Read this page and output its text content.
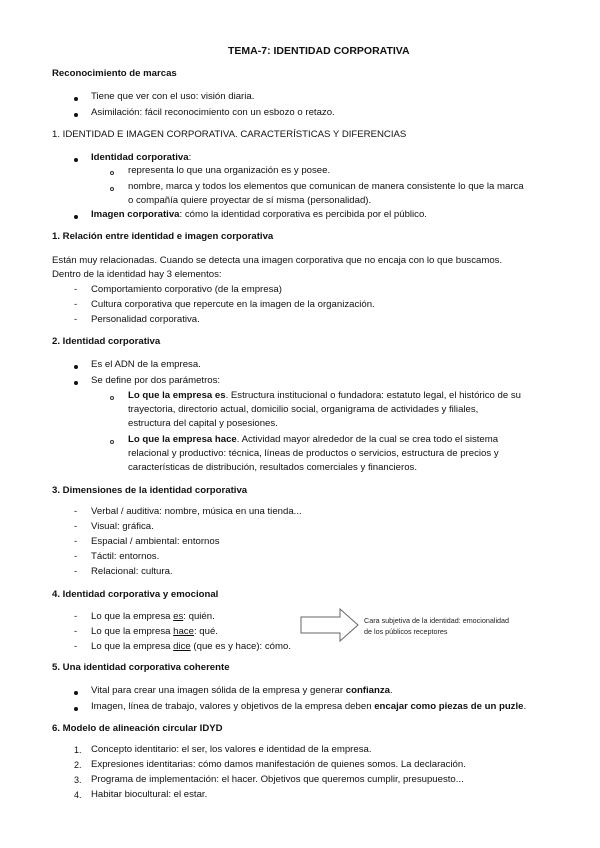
TEMA-7: IDENTIDAD CORPORATIVA
Reconocimiento de marcas
Tiene que ver con el uso: visión diaria.
Asimilación: fácil reconocimiento con un esbozo o retazo.
1. IDENTIDAD E IMAGEN CORPORATIVA. CARACTERÍSTICAS Y DIFERENCIAS
Identidad corporativa:
representa lo que una organización es y posee.
nombre, marca y todos los elementos que comunican de manera consistente lo que la marca
o compañía quiere proyectar de sí misma (personalidad).
Imagen corporativa: cómo la identidad corporativa es percibida por el público.
1. Relación entre identidad e imagen corporativa
Están muy relacionadas. Cuando se detecta una imagen corporativa que no encaja con lo que buscamos.
Dentro de la identidad hay 3 elementos:
- Comportamiento corporativo (de la empresa)
- Cultura corporativa que repercute en la imagen de la organización.
- Personalidad corporativa.
2. Identidad corporativa
Es el ADN de la empresa.
Se define por dos parámetros:
Lo que la empresa es. Estructura institucional o fundadora: estatuto legal, el histórico de su
trayectoria, directorio actual, domicilio social, organigrama de actividades y filiales,
estructura del capital y posesiones.
Lo que la empresa hace. Actividad mayor alrededor de la cual se crea todo el sistema
relacional y productivo: técnica, líneas de productos o servicios, estructura de precios y
características de distribución, resultados comerciales y financieros.
3. Dimensiones de la identidad corporativa
- Verbal / auditiva: nombre, música en una tienda...
- Visual: gráfica.
- Espacial / ambiental: entornos
- Táctil: entornos.
- Relacional: cultura.
4. Identidad corporativa y emocional
- Lo que la empresa es: quién.
- Lo que la empresa hace: qué.
- Lo que la empresa dice (que es y hace): cómo.
Cara subjetiva de la identidad: emocionalidad
de los públicos receptores
5. Una identidad corporativa coherente
Vital para crear una imagen sólida de la empresa y generar confianza.
Imagen, línea de trabajo, valores y objetivos de la empresa deben encajar como piezas de un puzle.
6. Modelo de alineación circular IDYD
1. Concepto identitario: el ser, los valores e identidad de la empresa.
2. Expresiones identitarias: cómo damos manifestación de quienes somos. La declaración.
3. Programa de implementación: el hacer. Objetivos que queremos cumplir, presupuesto...
4. Habitar biocultural: el estar.
